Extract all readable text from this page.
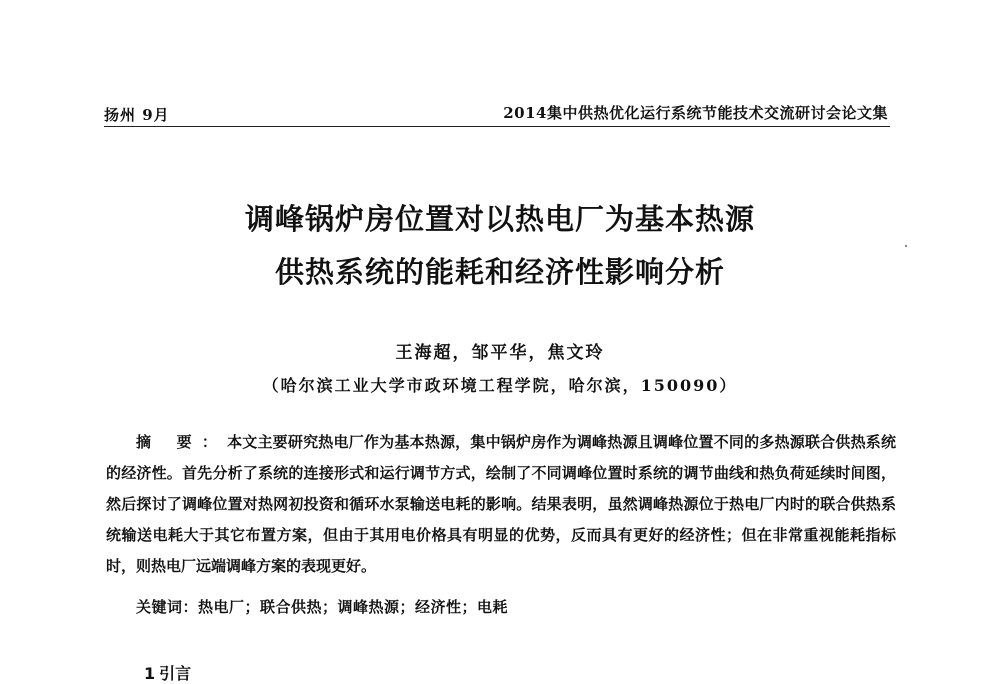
扬州 9月	2014集中供热优化运行系统节能技术交流研讨会论文集
调峰锅炉房位置对以热电厂为基本热源
供热系统的能耗和经济性影响分析
王海超，邹平华，焦文玲
（哈尔滨工业大学市政环境工程学院，哈尔滨，150090）

摘 要：本文主要研究热电厂作为基本热源，集中锅炉房作为调峰热源且调峰位置不同的多热源联合供热系统的经济性。首先分析了系统的连接形式和运行调节方式，绘制了不同调峰位置时系统的调节曲线和热负荷延续时间图，然后探讨了调峰位置对热网初投资和循环水泵输送电耗的影响。结果表明，虽然调峰热源位于热电厂内时的联合供热系统输送电耗大于其它布置方案，但由于其用电价格具有明显的优势，反而具有更好的经济性；但在非常重视能耗指标时，则热电厂远端调峰方案的表现更好。

关键词：热电厂；联合供热；调峰热源；经济性；电耗
1 引言
